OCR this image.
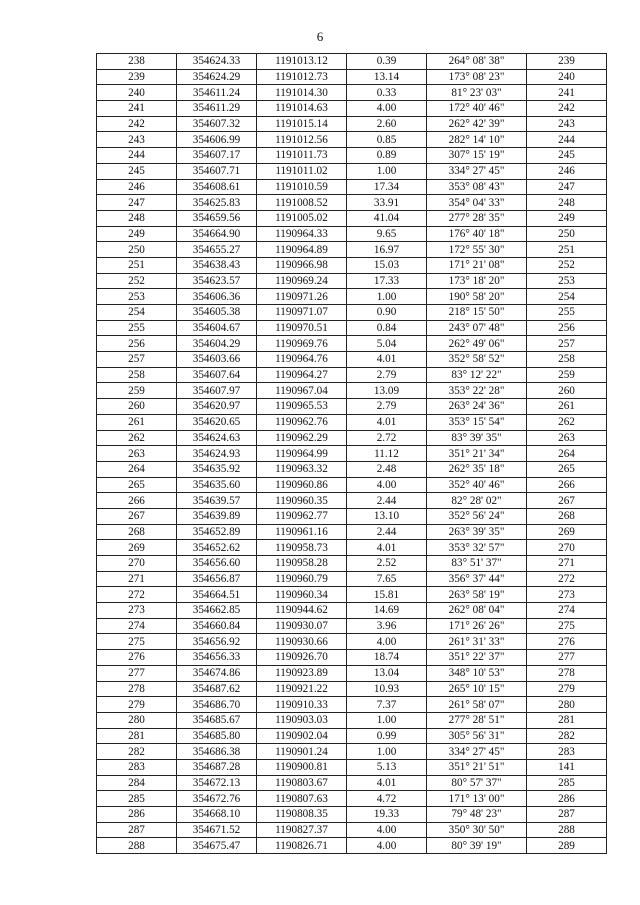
6
238	354624.33	1191013.12	0.39	264° 08' 38"	239
239	354624.29	1191012.73	13.14	173° 08' 23"	240
240	354611.24	1191014.30	0.33	81° 23' 03"	241
241	354611.29	1191014.63	4.00	172° 40' 46"	242
242	354607.32	1191015.14	2.60	262° 42' 39"	243
243	354606.99	1191012.56	0.85	282° 14' 10"	244
244	354607.17	1191011.73	0.89	307° 15' 19"	245
245	354607.71	1191011.02	1.00	334° 27' 45"	246
246	354608.61	1191010.59	17.34	353° 08' 43"	247
247	354625.83	1191008.52	33.91	354° 04' 33"	248
248	354659.56	1191005.02	41.04	277° 28' 35"	249
249	354664.90	1190964.33	9.65	176° 40' 18"	250
250	354655.27	1190964.89	16.97	172° 55' 30"	251
251	354638.43	1190966.98	15.03	171° 21' 08"	252
252	354623.57	1190969.24	17.33	173° 18' 20"	253
253	354606.36	1190971.26	1.00	190° 58' 20"	254
254	354605.38	1190971.07	0.90	218° 15' 50"	255
255	354604.67	1190970.51	0.84	243° 07' 48"	256
256	354604.29	1190969.76	5.04	262° 49' 06"	257
257	354603.66	1190964.76	4.01	352° 58' 52"	258
258	354607.64	1190964.27	2.79	83° 12' 22"	259
259	354607.97	1190967.04	13.09	353° 22' 28"	260
260	354620.97	1190965.53	2.79	263° 24' 36"	261
261	354620.65	1190962.76	4.01	353° 15' 54"	262
262	354624.63	1190962.29	2.72	83° 39' 35"	263
263	354624.93	1190964.99	11.12	351° 21' 34"	264
264	354635.92	1190963.32	2.48	262° 35' 18"	265
265	354635.60	1190960.86	4.00	352° 40' 46"	266
266	354639.57	1190960.35	2.44	82° 28' 02"	267
267	354639.89	1190962.77	13.10	352° 56' 24"	268
268	354652.89	1190961.16	2.44	263° 39' 35"	269
269	354652.62	1190958.73	4.01	353° 32' 57"	270
270	354656.60	1190958.28	2.52	83° 51' 37"	271
271	354656.87	1190960.79	7.65	356° 37' 44"	272
272	354664.51	1190960.34	15.81	263° 58' 19"	273
273	354662.85	1190944.62	14.69	262° 08' 04"	274
274	354660.84	1190930.07	3.96	171° 26' 26"	275
275	354656.92	1190930.66	4.00	261° 31' 33"	276
276	354656.33	1190926.70	18.74	351° 22' 37"	277
277	354674.86	1190923.89	13.04	348° 10' 53"	278
278	354687.62	1190921.22	10.93	265° 10' 15"	279
279	354686.70	1190910.33	7.37	261° 58' 07"	280
280	354685.67	1190903.03	1.00	277° 28' 51"	281
281	354685.80	1190902.04	0.99	305° 56' 31"	282
282	354686.38	1190901.24	1.00	334° 27' 45"	283
283	354687.28	1190900.81	5.13	351° 21' 51"	141
284	354672.13	1190803.67	4.01	80° 57' 37"	285
285	354672.76	1190807.63	4.72	171° 13' 00"	286
286	354668.10	1190808.35	19.33	79° 48' 23"	287
287	354671.52	1190827.37	4.00	350° 30' 50"	288
288	354675.47	1190826.71	4.00	80° 39' 19"	289
